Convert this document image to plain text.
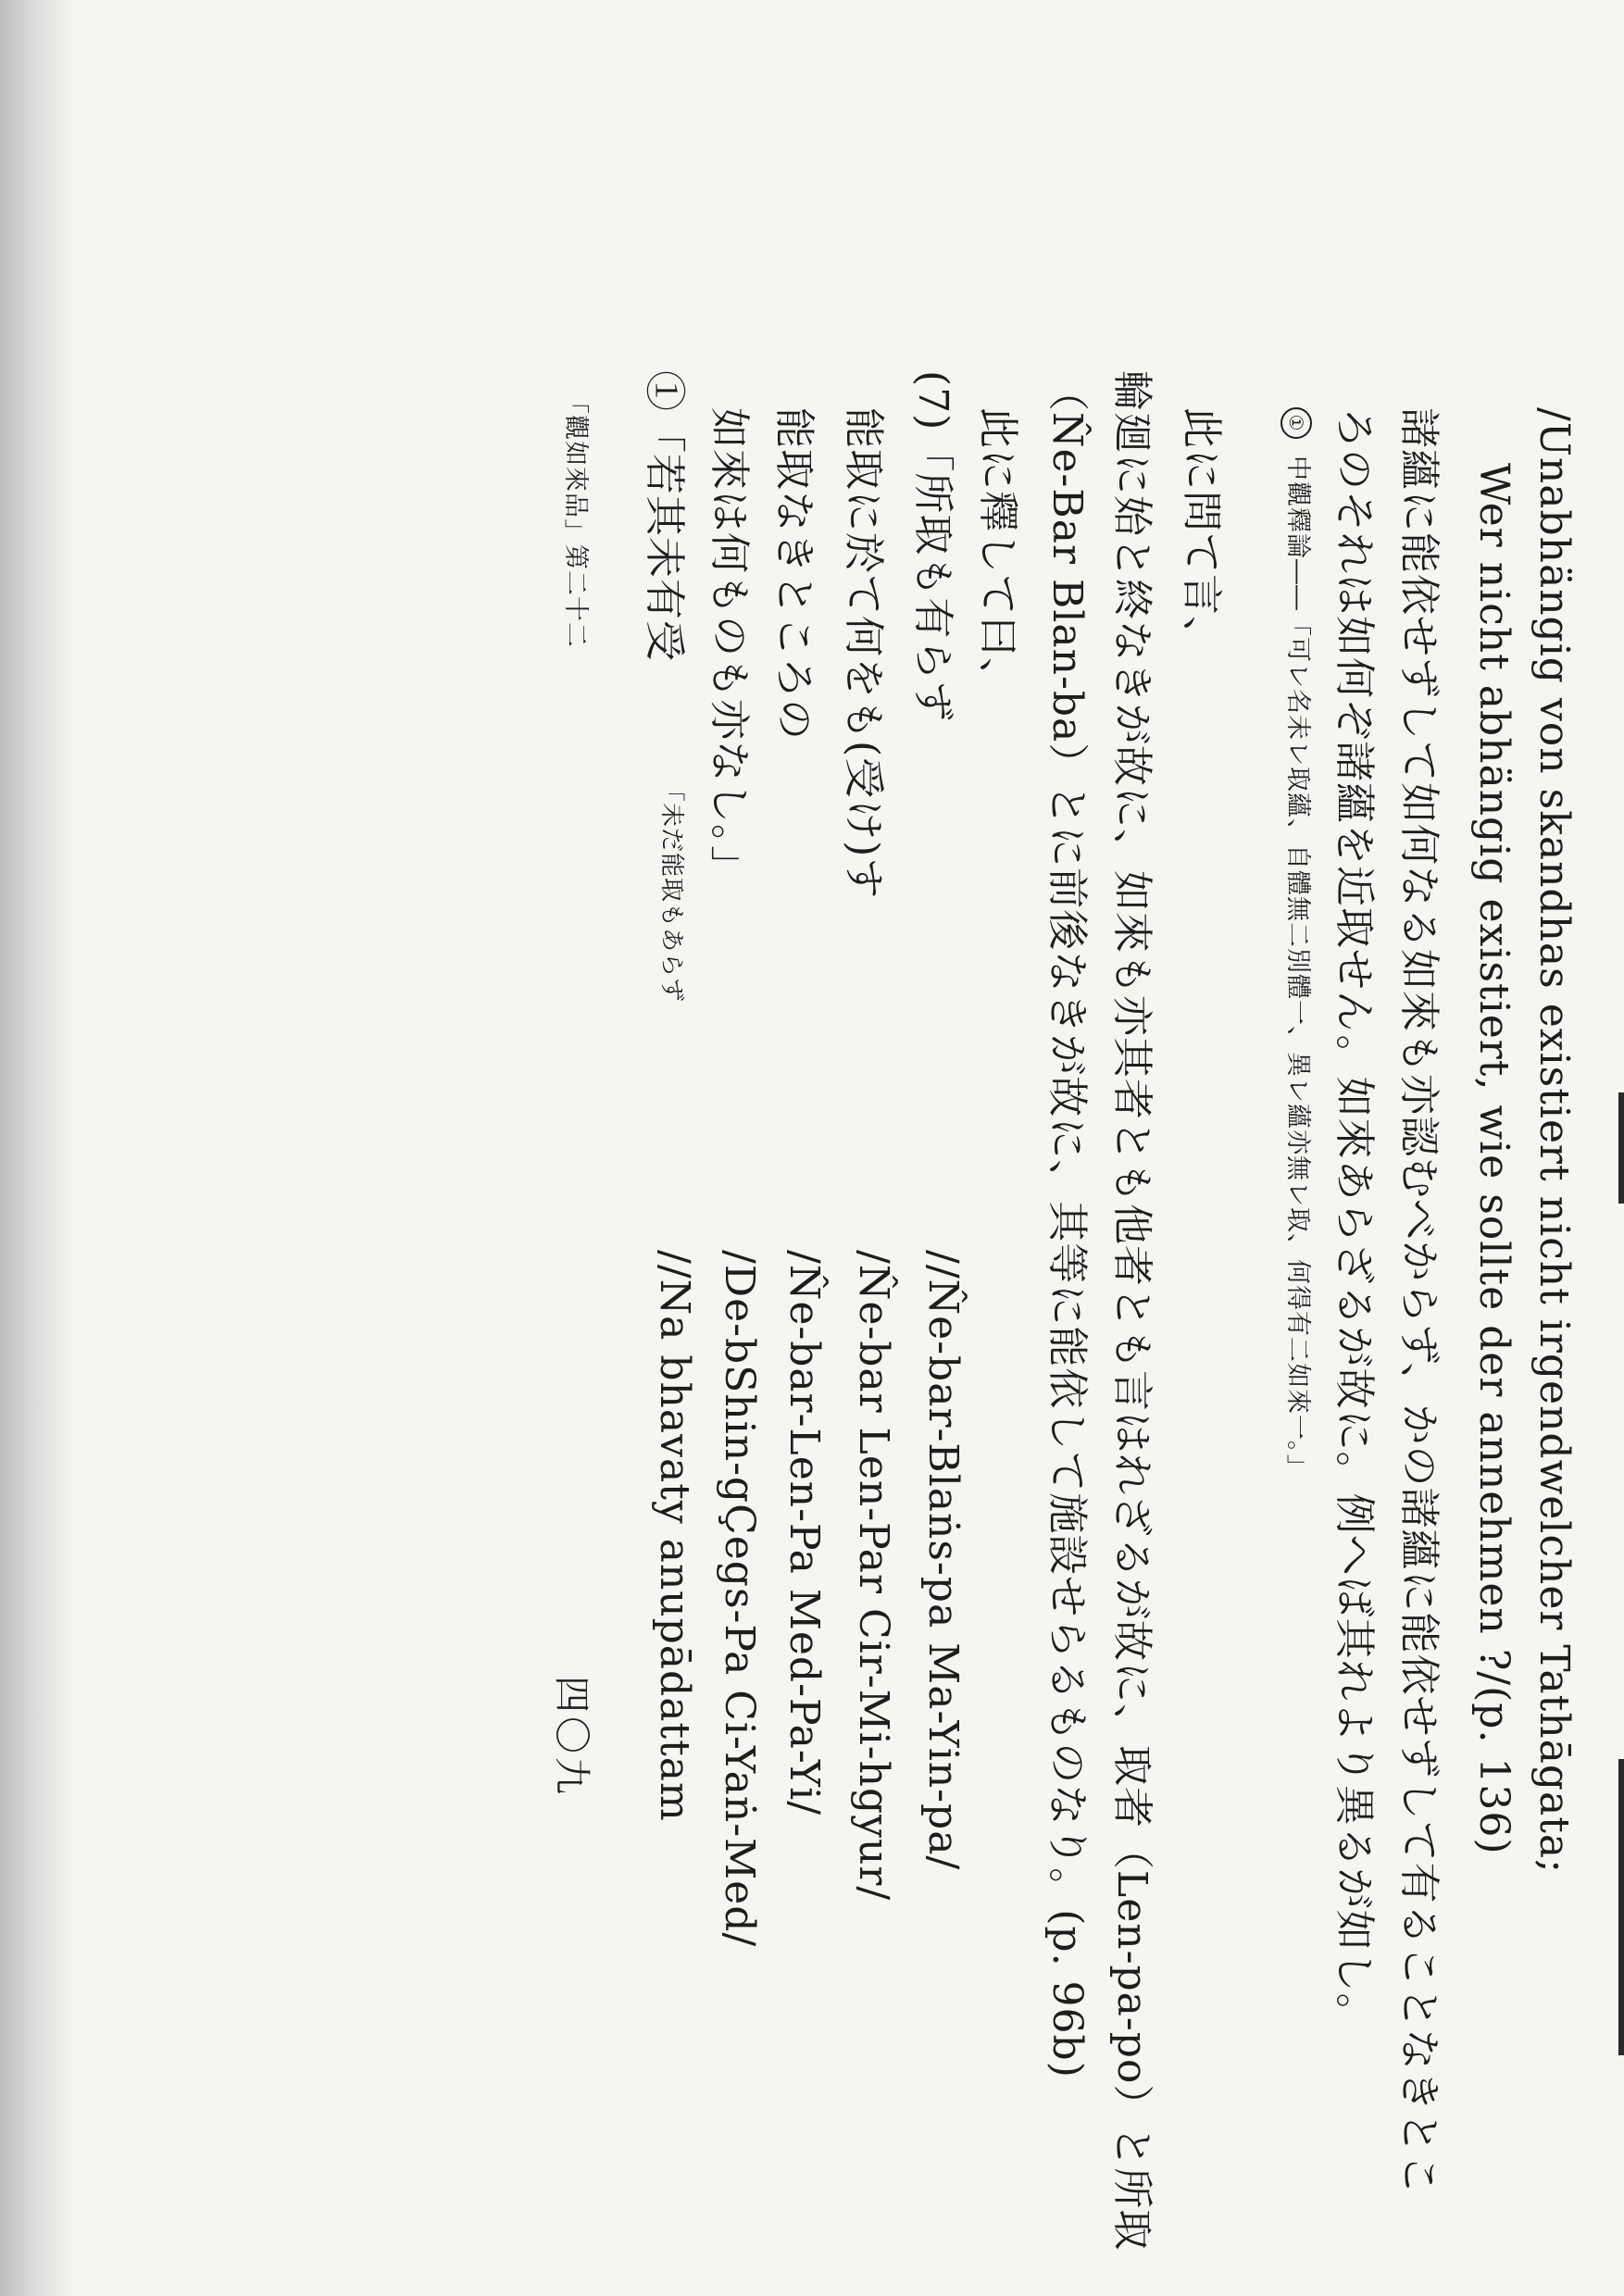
/Unabhängig von skandhas existiert nicht irgendwelcher Tathāgata;
Wer nicht abhängig existiert, wie sollte der annehmen ?/(p. 136)
諸蘊に能依せずして如何なる如來も亦認むべからず、かの諸蘊に能依せずして有ることなきとこ
ろのそれは如何ぞ諸蘊を近取せん。如來あらざるが故に。例へば其れより異るが如し。
①中觀釋論――「可レ名未レ取蘊、自體無二別體一、異レ蘊亦無レ取、何得有二如來一。」
此に問て言、
輪廻に始と終なきが故に、如來も亦其者とも他者とも言はれざるが故に、取者（Len-pa-po）と所取
（N̂e-Bar Blan-ba）とに前後なきが故に、其等に能依して施設せらるものなり。(p. 96b)
此に釋して曰、
(7)「所取も有らず
能取に於て何をも(受け)す
能取なきところの
如來は何ものも亦なし。」
①「若其未有受
「未だ能取もあらず
//N̂e-bar-Blaṅs-pa Ma-Yin-pa/
/N̂e-bar Len-Par Cir-Mi-hgyur/
/N̂e-bar-Len-Pa Med-Pa-Yi/
/De-bShin-gÇegs-Pa Ci-Yaṅ-Med/
//Na bhavaty anupādattam
「觀如來品」第二十二
四〇九
